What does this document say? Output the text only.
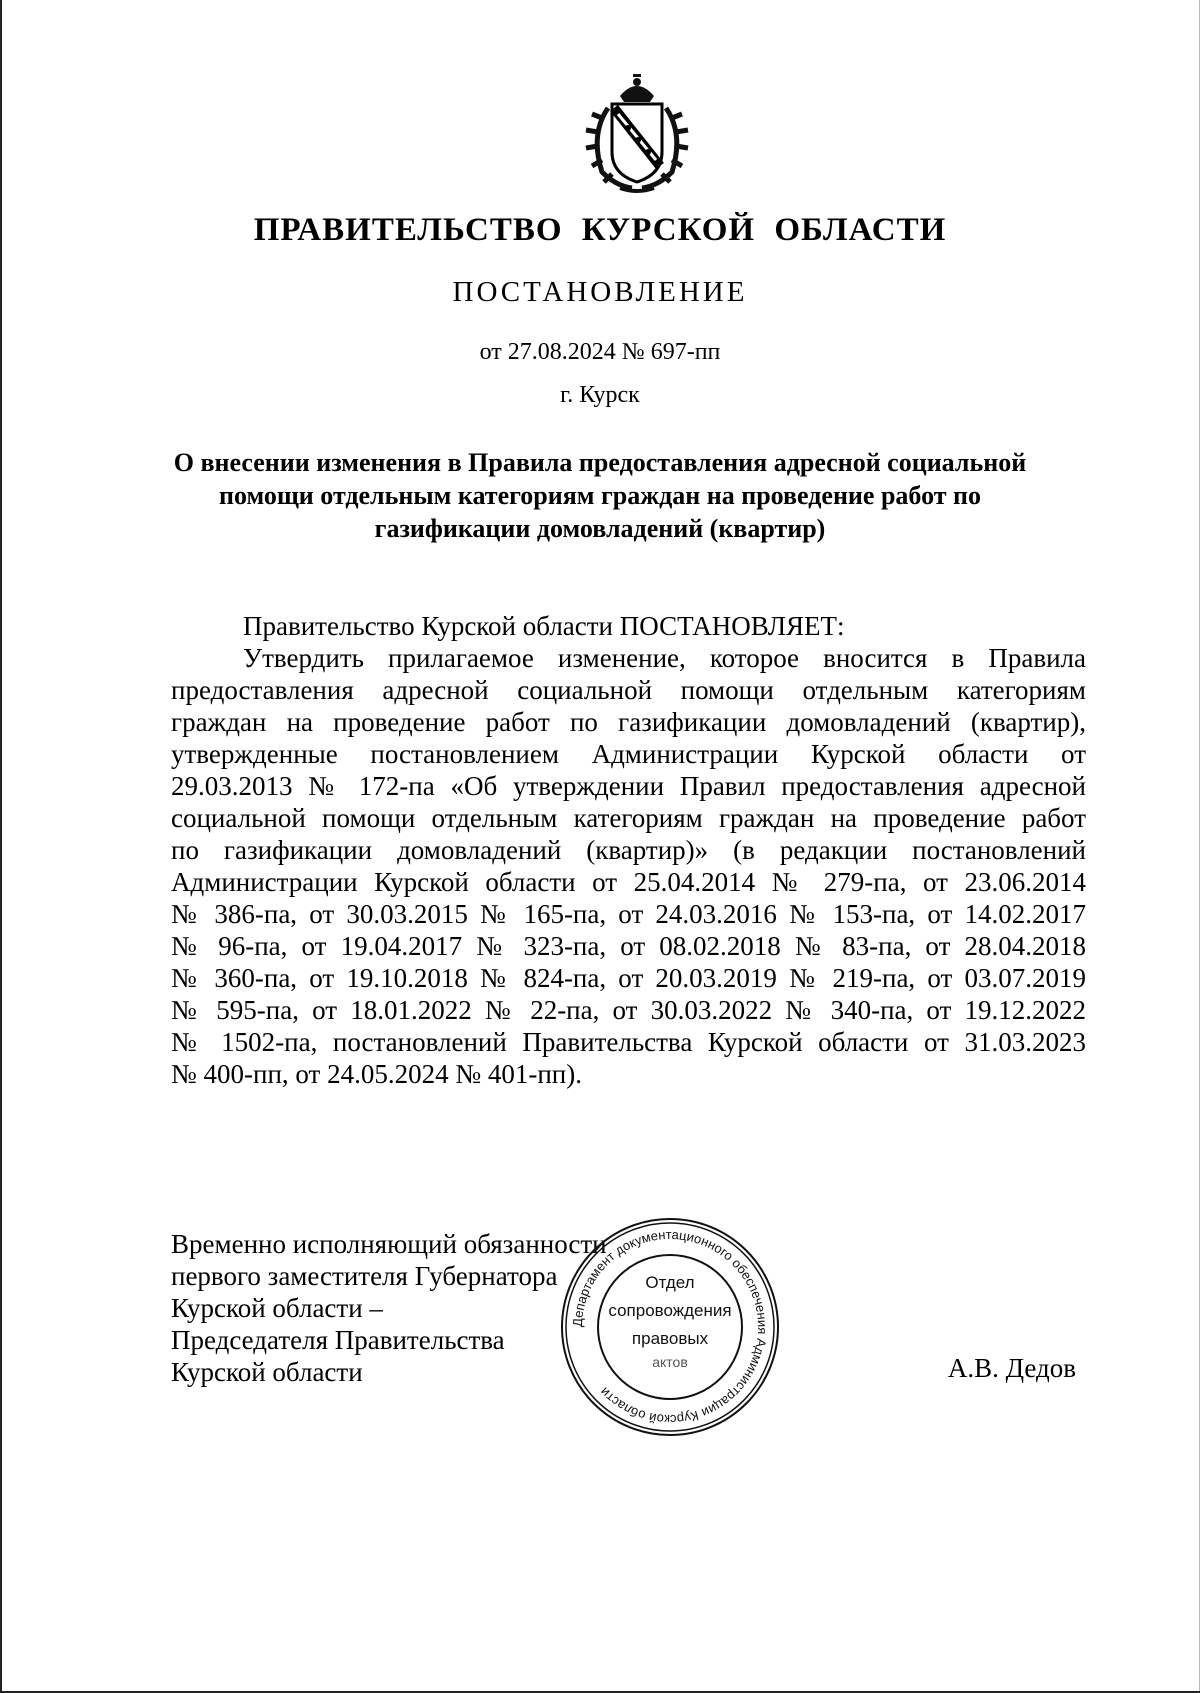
ПРАВИТЕЛЬСТВО КУРСКОЙ ОБЛАСТИ
ПОСТАНОВЛЕНИЕ
от 27.08.2024 № 697-пп
г. Курск
О внесении изменения в Правила предоставления адресной социальной помощи отдельным категориям граждан на проведение работ по газификации домовладений (квартир)
Правительство Курской области ПОСТАНОВЛЯЕТ:
Утвердить прилагаемое изменение, которое вносится в Правила
предоставления адресной социальной помощи отдельным категориям
граждан на проведение работ по газификации домовладений (квартир),
утвержденные постановлением Администрации Курской области от
29.03.2013 № 172-па «Об утверждении Правил предоставления адресной
социальной помощи отдельным категориям граждан на проведение работ
по газификации домовладений (квартир)» (в редакции постановлений
Администрации Курской области от 25.04.2014 № 279-па, от 23.06.2014
№ 386-па, от 30.03.2015 № 165-па, от 24.03.2016 № 153-па, от 14.02.2017
№ 96-па, от 19.04.2017 № 323-па, от 08.02.2018 № 83-па, от 28.04.2018
№ 360-па, от 19.10.2018 № 824-па, от 20.03.2019 № 219-па, от 03.07.2019
№ 595-па, от 18.01.2022 № 22-па, от 30.03.2022 № 340-па, от 19.12.2022
№ 1502-па, постановлений Правительства Курской области от 31.03.2023
№ 400-пп, от 24.05.2024 № 401-пп).
Временно исполняющий обязанности
первого заместителя Губернатора
Курской области –
Председателя Правительства
Курской области	А.В. Дедов
Департамент документационного обеспечения Администрации Курской области
Отдел
сопровождения
правовых
актов
